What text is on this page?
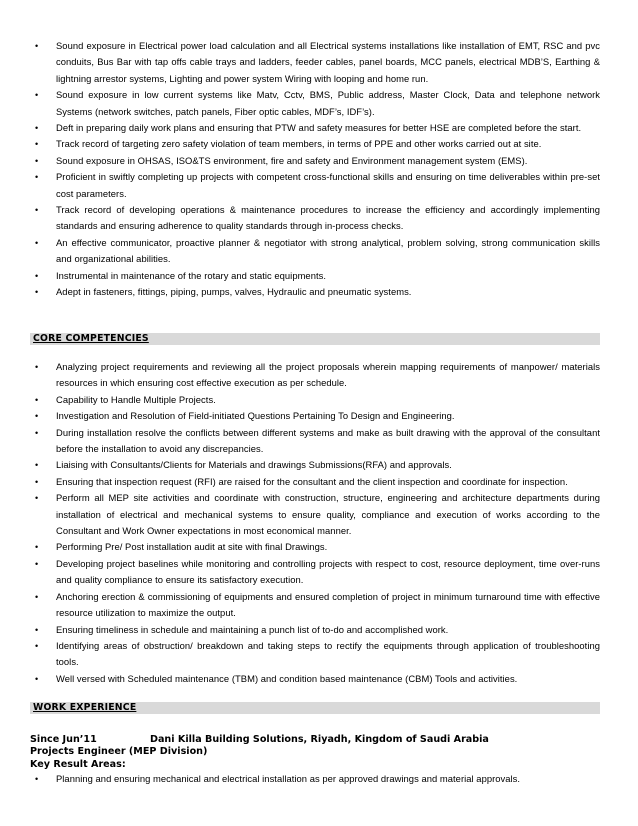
• Sound exposure in Electrical power load calculation and all Electrical systems installations like installation of EMT, RSC and pvc conduits, Bus Bar with tap offs cable trays and ladders, feeder cables, panel boards, MCC panels, electrical MDB’S, Earthing & lightning arrestor systems, Lighting and power system Wiring with looping and home run.
• Sound exposure in low current systems like Matv, Cctv, BMS, Public address, Master Clock, Data and telephone network Systems (network switches, patch panels, Fiber optic cables, MDF’s, IDF’s).
• Deft in preparing daily work plans and ensuring that PTW and safety measures for better HSE are completed before the start.
• Track record of targeting zero safety violation of team members, in terms of PPE and other works carried out at site.
• Sound exposure in OHSAS, ISO&TS environment, fire and safety and Environment management system (EMS).
• Proficient in swiftly completing up projects with competent cross-functional skills and ensuring on time deliverables within pre-set cost parameters.
• Track record of developing operations & maintenance procedures to increase the efficiency and accordingly implementing standards and ensuring adherence to quality standards through in-process checks.
• An effective communicator, proactive planner & negotiator with strong analytical, problem solving, strong communication skills and organizational abilities.
• Instrumental in maintenance of the rotary and static equipments.
• Adept in fasteners, fittings, piping, pumps, valves, Hydraulic and pneumatic systems.
CORE COMPETENCIES
• Analyzing project requirements and reviewing all the project proposals wherein mapping requirements of manpower/ materials resources in which ensuring cost effective execution as per schedule.
• Capability to Handle Multiple Projects.
• Investigation and Resolution of Field-initiated Questions Pertaining To Design and Engineering.
• During installation resolve the conflicts between different systems and make as built drawing with the approval of the consultant before the installation to avoid any discrepancies.
• Liaising with Consultants/Clients for Materials and drawings Submissions(RFA) and approvals.
• Ensuring that inspection request (RFI) are raised for the consultant and the client inspection and coordinate for inspection.
• Perform all MEP site activities and coordinate with construction, structure, engineering and architecture departments during installation of electrical and mechanical systems to ensure quality, compliance and execution of works according to the Consultant and Work Owner expectations in most economical manner.
• Performing Pre/ Post installation audit at site with final Drawings.
• Developing project baselines while monitoring and controlling projects with respect to cost, resource deployment, time over-runs and quality compliance to ensure its satisfactory execution.
• Anchoring erection & commissioning of equipments and ensured completion of project in minimum turnaround time with effective resource utilization to maximize the output.
• Ensuring timeliness in schedule and maintaining a punch list of to-do and accomplished work.
• Identifying areas of obstruction/ breakdown and taking steps to rectify the equipments through application of troubleshooting tools.
• Well versed with Scheduled maintenance (TBM) and condition based maintenance (CBM) Tools and activities.
WORK EXPERIENCE
Since Jun’11	Dani Killa Building Solutions, Riyadh, Kingdom of Saudi Arabia
Projects Engineer (MEP Division)
Key Result Areas:
• Planning and ensuring mechanical and electrical installation as per approved drawings and material approvals.
